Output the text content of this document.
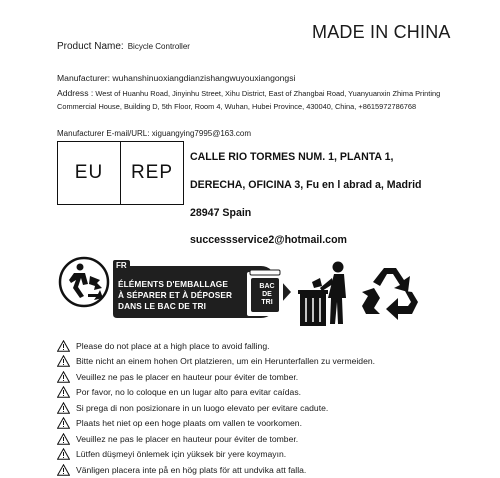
MADE IN CHINA
Product Name: Bicycle Controller
Manufacturer: wuhanshinuoxiangdianzishangwuyouxiangongsi
Address : West of Huanhu Road, Jinyinhu Street, Xihu District, East of Zhangbai Road, Yuanyuanxin Zhima Printing Commercial House, Building D, 5th Floor, Room 4, Wuhan, Hubei Province, 430040, China, +8615972786768
Manufacturer E-mail/URL: xiguangying7995@163.com
EU	REP
CALLE RIO TORMES NUM. 1, PLANTA 1,
DERECHA, OFICINA 3, Fu en l abrad a, Madrid
28947 Spain
successservice2@hotmail.com
FR
ÉLÉMENTS D'EMBALLAGE
À SÉPARER ET À DÉPOSER
DANS LE BAC DE TRI
BAC
DE
TRI
Please do not place at a high place to avoid falling.
Bitte nicht an einem hohen Ort platzieren, um ein Herunterfallen zu vermeiden.
Veuillez ne pas le placer en hauteur pour éviter de tomber.
Por favor, no lo coloque en un lugar alto para evitar caídas.
Si prega di non posizionare in un luogo elevato per evitare cadute.
Plaats het niet op een hoge plaats om vallen te voorkomen.
Veuillez ne pas le placer en hauteur pour éviter de tomber.
Lütfen düşmeyi önlemek için yüksek bir yere koymayın.
Vänligen placera inte på en hög plats för att undvika att falla.
